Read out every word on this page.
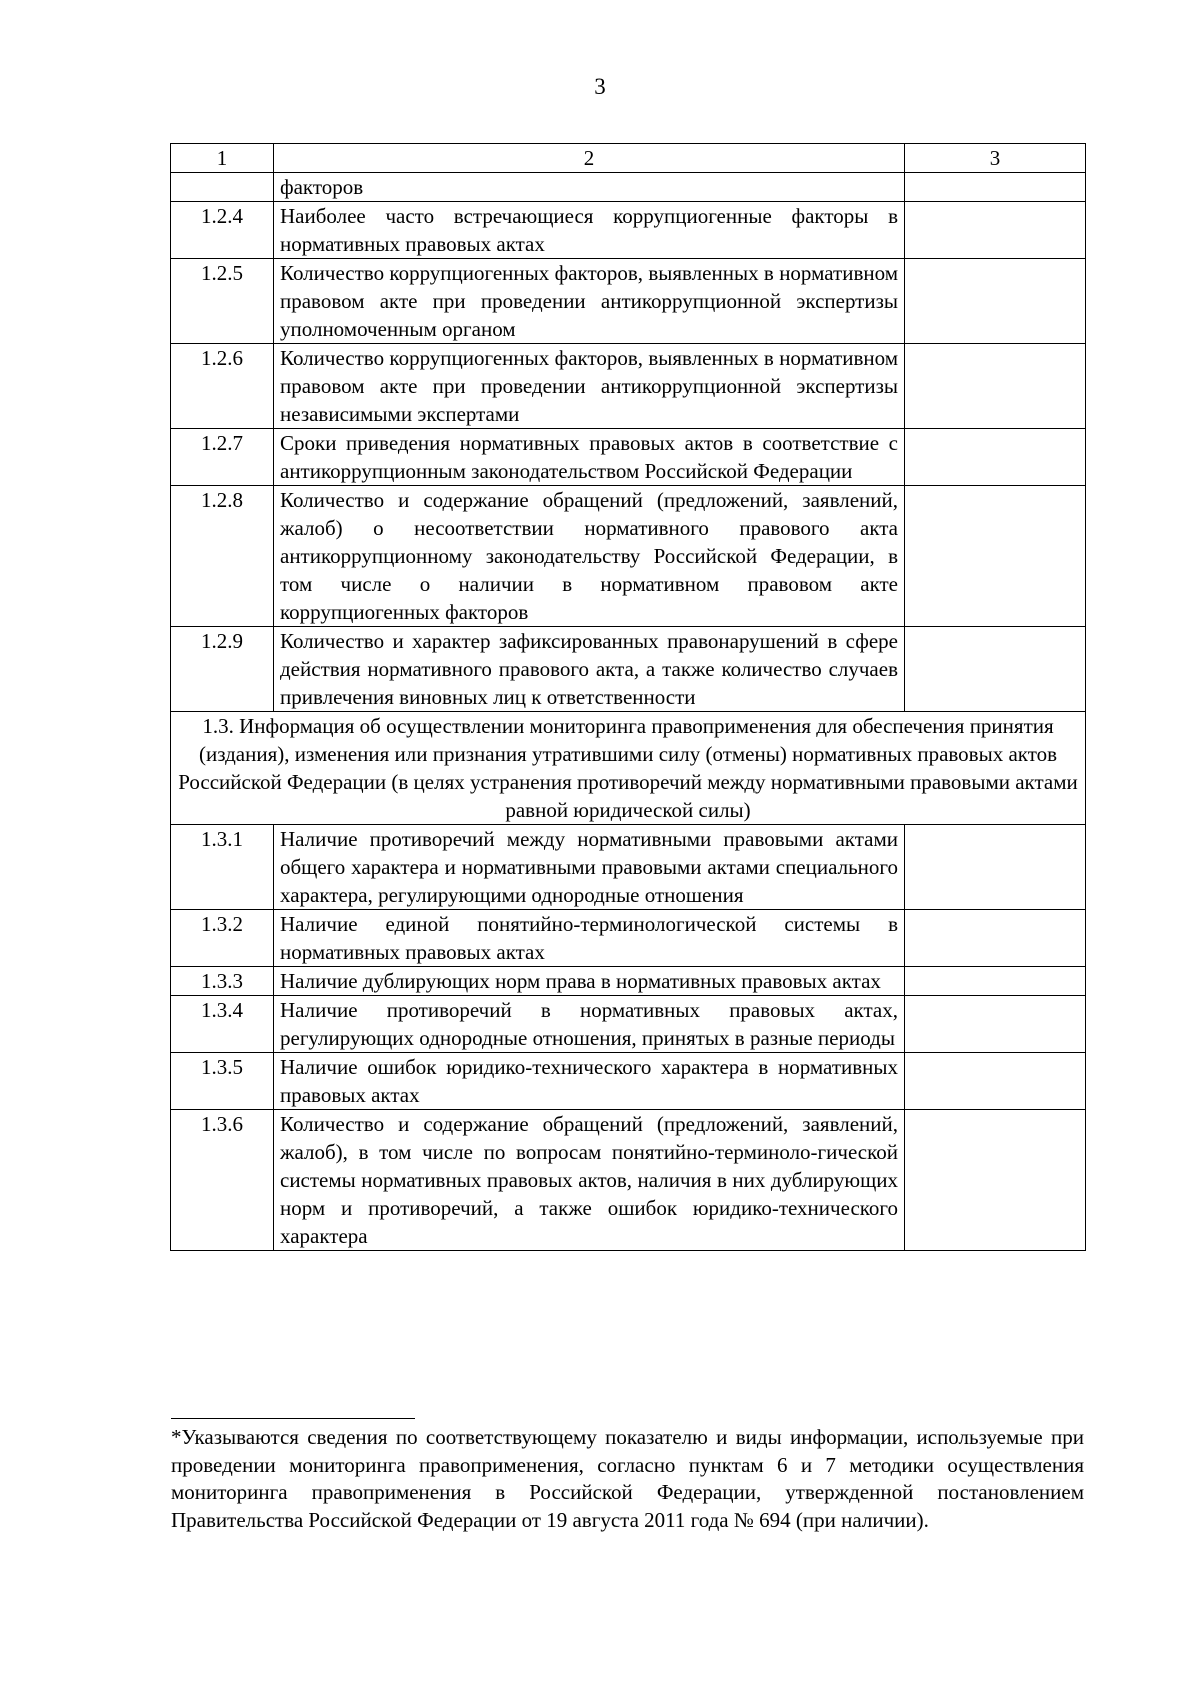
3
1	2	3
	факторов	
1.2.4	Наиболее часто встречающиеся коррупциогенные факторы в нормативных правовых актах	
1.2.5	Количество коррупциогенных факторов, выявленных в нормативном правовом акте при проведении антикоррупционной экспертизы уполномоченным органом	
1.2.6	Количество коррупциогенных факторов, выявленных в нормативном правовом акте при проведении антикоррупционной экспертизы независимыми экспертами	
1.2.7	Сроки приведения нормативных правовых актов в соответствие с антикоррупционным законодательством Российской Федерации	
1.2.8	Количество и содержание обращений (предложений, заявлений, жалоб) о несоответствии нормативного правового акта антикоррупционному законодательству Российской Федерации, в том числе о наличии в нормативном правовом акте коррупциогенных факторов	
1.2.9	Количество и характер зафиксированных правонарушений в сфере действия нормативного правового акта, а также количество случаев привлечения виновных лиц к ответственности	
1.3. Информация об осуществлении мониторинга правоприменения для обеспечения принятия (издания), изменения или признания утратившими силу (отмены) нормативных правовых актов Российской Федерации (в целях устранения противоречий между нормативными правовыми актами равной юридической силы)		
1.3.1	Наличие противоречий между нормативными правовыми актами общего характера и нормативными правовыми актами специального характера, регулирующими однородные отношения	
1.3.2	Наличие единой понятийно-терминологической системы в нормативных правовых актах	
1.3.3	Наличие дублирующих норм права в нормативных правовых актах	
1.3.4	Наличие противоречий в нормативных правовых актах, регулирующих однородные отношения, принятых в разные периоды	
1.3.5	Наличие ошибок юридико-технического характера в нормативных правовых актах	
1.3.6	Количество и содержание обращений (предложений, заявлений, жалоб), в том числе по вопросам понятийно-терминоло-гической системы нормативных правовых актов, наличия в них дублирующих норм и противоречий, а также ошибок юридико-технического характера	
*Указываются сведения по соответствующему показателю и виды информации, используемые при проведении мониторинга правоприменения, согласно пунктам 6 и 7 методики осуществления мониторинга правоприменения в Российской Федерации, утвержденной постановлением Правительства Российской Федерации от 19 августа 2011 года № 694 (при наличии).
